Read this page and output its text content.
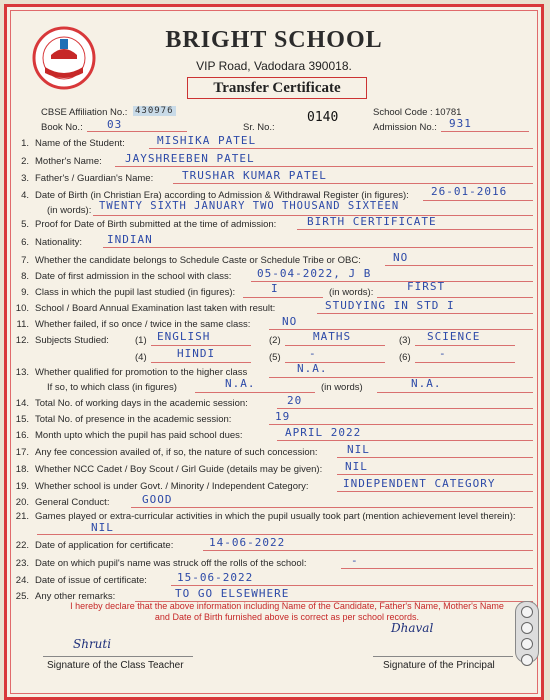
BS
BRIGHT SCHOOL
VIP Road, Vadodara 390018.
Transfer Certificate
CBSE Affiliation No.: 430976	School Code : 10781
Book No.: 03	Sr. No.:
0140
Admission No.: 931
1. Name of the Student:	MISHIKA PATEL
2. Mother's Name: JAYSHREEBEN PATEL
3. Father's / Guardian's Name:	TRUSHAR KUMAR PATEL
5. Proof for Date of Birth submitted at the time of admission:	BIRTH CERTIFICATE
6. Nationality: INDIAN
7. Whether the candidate belongs to Schedule Caste or Schedule Tribe or OBC:	NO
8. Date of first admission in the school with class: 05-04-2022, J B
10. School / Board Annual Examination last taken with result:	STUDYING IN STD I
11. Whether failed, if so once / twice in the same class:	NO
14. Total No. of working days in the academic session:	20
15. Total No. of presence in the academic session:	19
16. Month upto which the pupil has paid school dues:	APRIL 2022
17. Any fee concession availed of, if so, the nature of such concession:	NIL
18. Whether NCC Cadet / Boy Scout / Girl Guide (details may be given): NIL
19. Whether school is under Govt. / Minority / Independent Category:	INDEPENDENT CATEGORY
20. General Conduct:	GOOD
22. Date of application for certificate:	14-06-2022
23. Date on which pupil's name was struck off the rolls of the school:	-
24. Date of issue of certificate:	15-06-2022
25. Any other remarks:	TO GO ELSEWHERE
4. Date of Birth (in Christian Era) according to Admission & Withdrawal Register (in figures): 26-01-2016
(in words): TWENTY SIXTH JANUARY TWO THOUSAND SIXTEEN
9. Class in which the pupil last studied (in figures):	I	(in words):	FIRST
12. Subjects Studied:	(1) ENGLISH	(2)	MATHS	(3) SCIENCE
(4)	HINDI	(5)	-	(6)	-
13. Whether qualified for promotion to the higher class	N.A.
If so, to which class (in figures)	N.A.	(in words)	N.A.
21. Games played or extra-curricular activities in which the pupil usually took part (mention achievement level therein):
NIL
I hereby declare that the above information including Name of the Candidate, Father's Name, Mother's Name and Date of Birth furnished above is correct as per school records.
Shruti
Signature of the Class Teacher
Dhaval
Signature of the Principal
